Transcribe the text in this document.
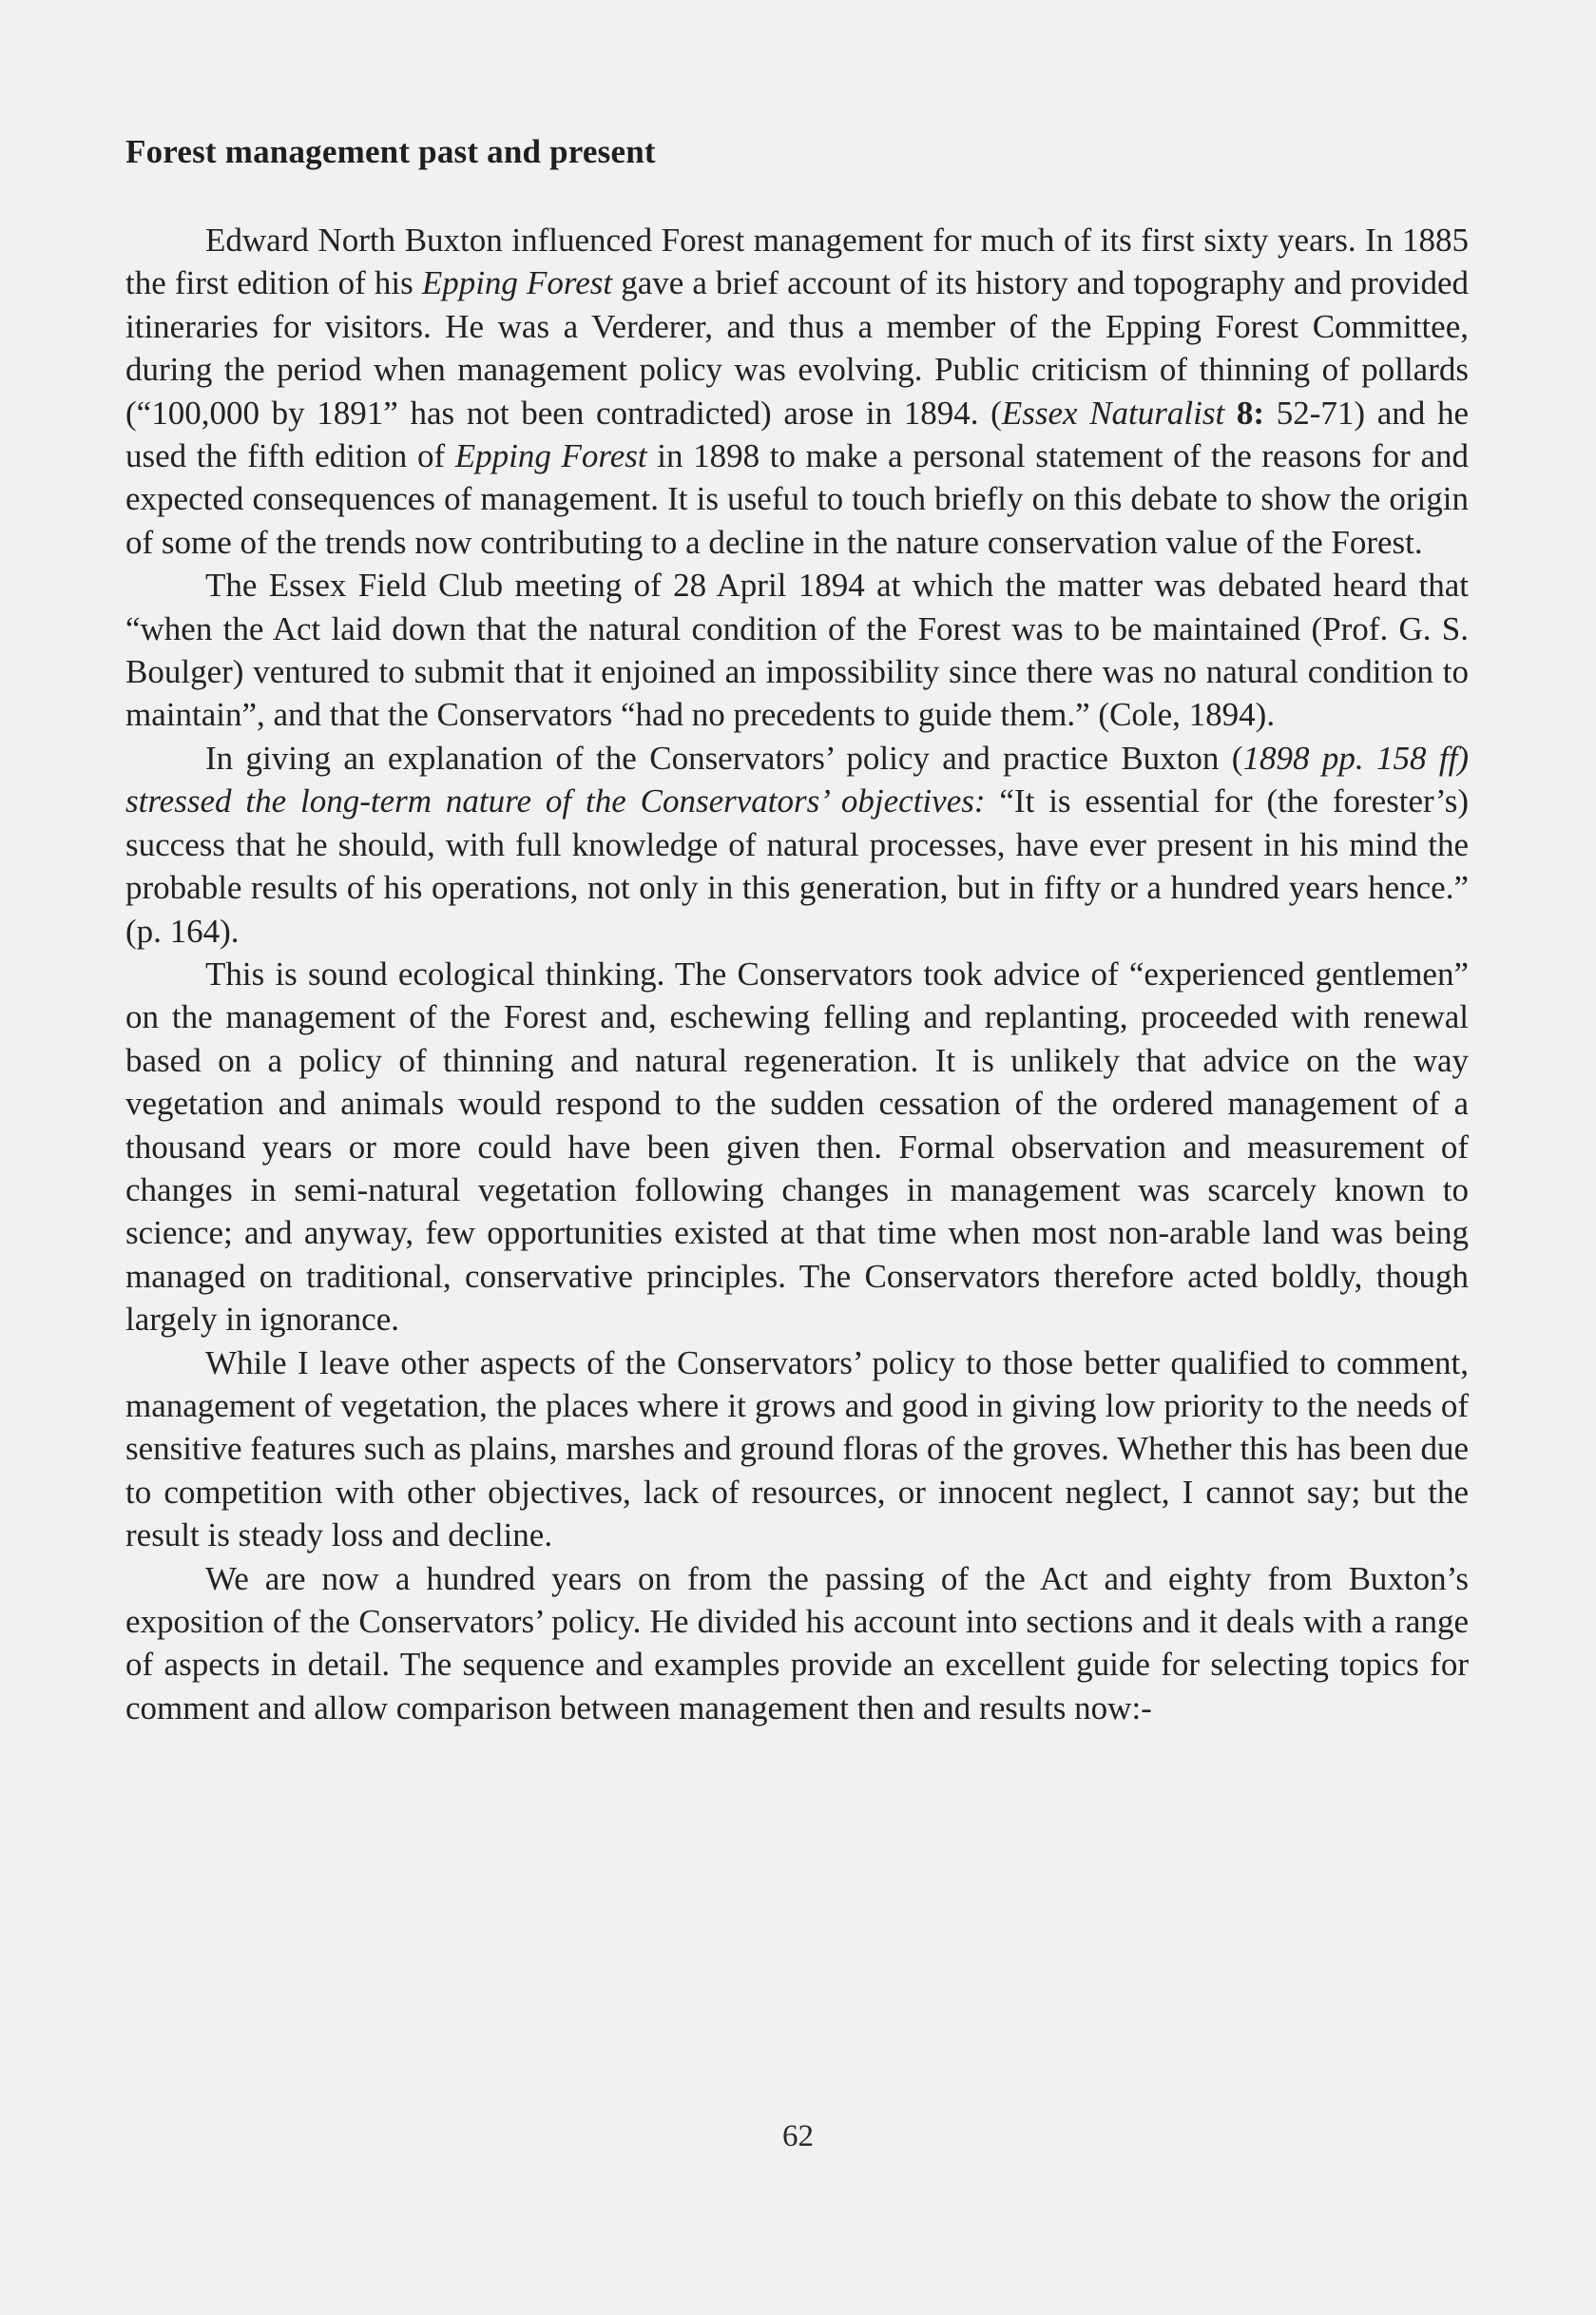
Forest management past and present

Edward North Buxton influenced Forest management for much of its first sixty years. In 1885 the first edition of his Epping Forest gave a brief account of its history and topography and provided itineraries for visitors. He was a Verderer, and thus a member of the Epping Forest Committee, during the period when management policy was evolving. Public criticism of thinning of pollards (“100,000 by 1891” has not been contradicted) arose in 1894. (Essex Naturalist 8: 52-71) and he used the fifth edition of Epping Forest in 1898 to make a personal statement of the reasons for and expected consequences of management. It is useful to touch briefly on this debate to show the origin of some of the trends now contributing to a decline in the nature conservation value of the Forest.

The Essex Field Club meeting of 28 April 1894 at which the matter was debated heard that “when the Act laid down that the natural condition of the Forest was to be maintained (Prof. G. S. Boulger) ventured to submit that it enjoined an impossibility since there was no natural condition to maintain”, and that the Conservators “had no precedents to guide them.” (Cole, 1894).

In giving an explanation of the Conservators’ policy and practice Buxton (1898 pp. 158 ff) stressed the long-term nature of the Conservators’ objectives: “It is essential for (the forester’s) success that he should, with full knowledge of natural processes, have ever present in his mind the probable results of his operations, not only in this generation, but in fifty or a hundred years hence.” (p. 164).

This is sound ecological thinking. The Conservators took advice of “experienced gentlemen” on the management of the Forest and, eschewing felling and replanting, proceeded with renewal based on a policy of thinning and natural regeneration. It is unlikely that advice on the way vegetation and animals would respond to the sudden cessation of the ordered management of a thousand years or more could have been given then. Formal observation and measurement of changes in semi-natural vegetation following changes in management was scarcely known to science; and anyway, few opportunities existed at that time when most non-arable land was being managed on traditional, conservative principles. The Conservators therefore acted boldly, though largely in ignorance.

While I leave other aspects of the Conservators’ policy to those better qualified to comment, management of vegetation, the places where it grows and good in giving low priority to the needs of sensitive features such as plains, marshes and ground floras of the groves. Whether this has been due to competition with other objectives, lack of resources, or innocent neglect, I cannot say; but the result is steady loss and decline.

We are now a hundred years on from the passing of the Act and eighty from Buxton’s exposition of the Conservators’ policy. He divided his account into sections and it deals with a range of aspects in detail. The sequence and examples provide an excellent guide for selecting topics for comment and allow comparison between management then and results now:-

62
